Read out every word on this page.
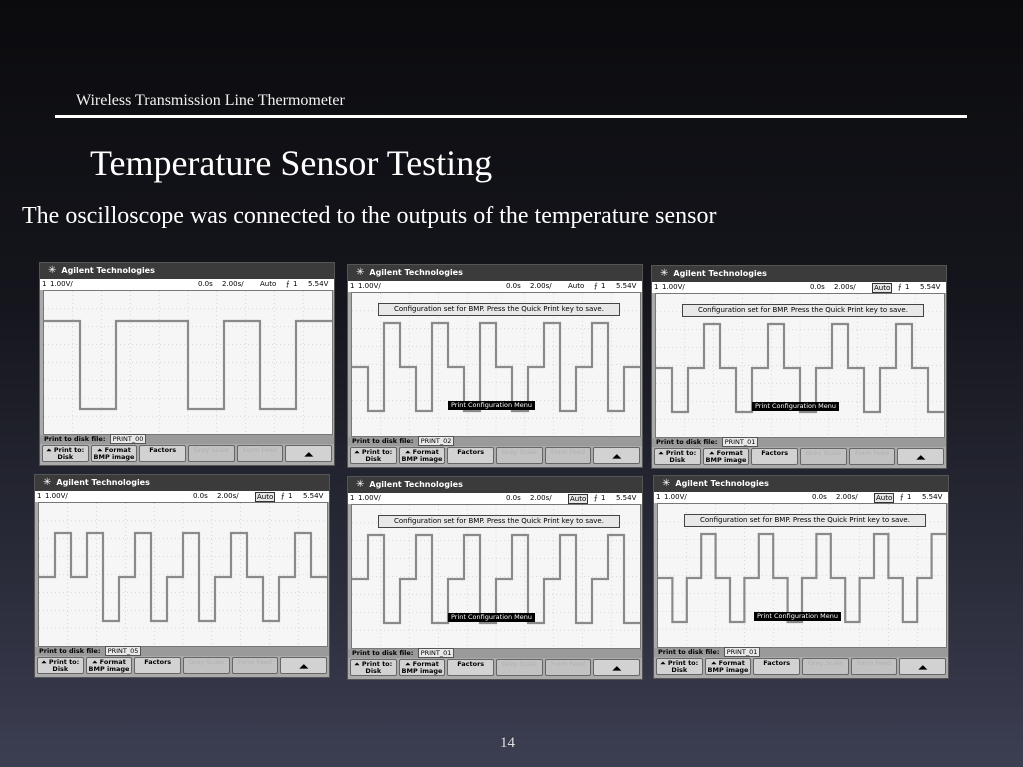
Wireless Transmission Line Thermometer
Temperature Sensor Testing
The oscilloscope was connected to the outputs of the temperature sensor
✳ Agilent Technologies
1 1.00V/	0.0s 2.00s/ Auto ⨍ 1 5.54V
Print to disk file: PRINT_00
⏶ Print to:
Disk
⏶ Format
BMP image
Factors	Grey Scale	Form Feed	⏶
✳ Agilent Technologies
1 1.00V/	0.0s 2.00s/ Auto ⨍ 1 5.54V
Configuration set for BMP. Press the Quick Print key to save.
Print Configuration Menu
Print to disk file: PRINT_02
⏶ Print to:
Disk
⏶ Format
BMP image
Factors	Grey Scale	Form Feed	⏶
✳ Agilent Technologies
1 1.00V/	0.0s 2.00s/	Auto ⨍ 1 5.54V
Configuration set for BMP. Press the Quick Print key to save.
Print Configuration Menu
Print to disk file: PRINT_01
⏶ Print to:
Disk
⏶ Format
BMP image
Factors	Grey Scale	Form Feed	⏶
✳ Agilent Technologies
1 1.00V/	0.0s 2.00s/	Auto ⨍ 1 5.54V
Print to disk file: PRINT_05
⏶ Print to:
Disk
⏶ Format
BMP image
Factors	Grey Scale	Form Feed	⏶
✳ Agilent Technologies
1 1.00V/	0.0s 2.00s/	Auto ⨍ 1 5.54V
Configuration set for BMP. Press the Quick Print key to save.
Print Configuration Menu
Print to disk file: PRINT_01
⏶ Print to:
Disk
⏶ Format
BMP image
Factors	Grey Scale	Form Feed	⏶
✳ Agilent Technologies
1 1.00V/	0.0s 2.00s/	Auto ⨍ 1 5.54V
Configuration set for BMP. Press the Quick Print key to save.
Print Configuration Menu
Print to disk file: PRINT_01
⏶ Print to:
Disk
⏶ Format
BMP image
Factors	Grey Scale	Form Feed	⏶
14
